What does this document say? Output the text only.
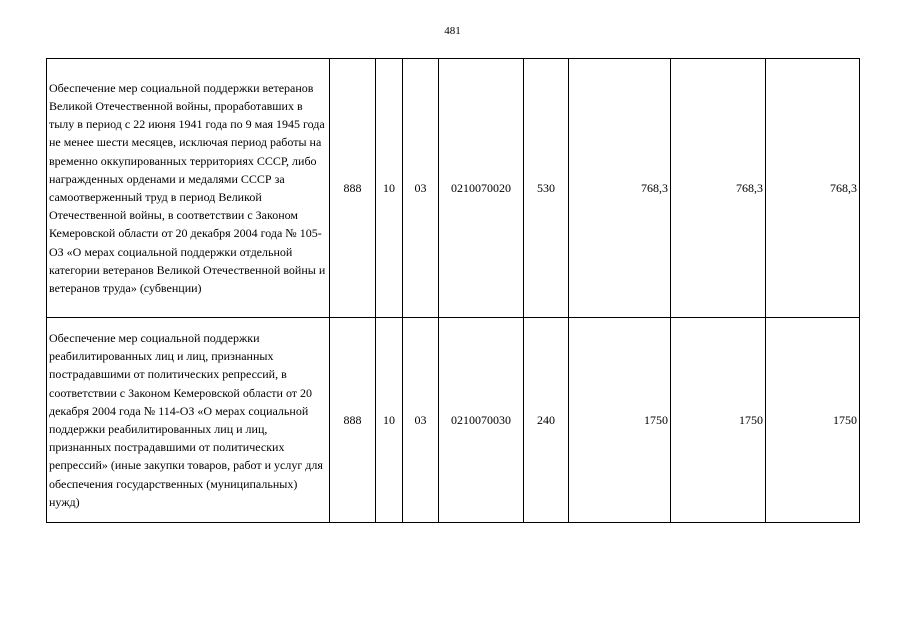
481
Обеспечение мер социальной поддержки ветеранов Великой Отечественной войны, проработавших в тылу в период с 22 июня 1941 года по 9 мая 1945 года не менее шести месяцев, исключая период работы на временно оккупированных территориях СССР, либо награжденных орденами и медалями СССР за самоотверженный труд в период Великой Отечественной войны, в соответствии с Законом Кемеровской области от 20 декабря 2004 года № 105-ОЗ «О мерах социальной поддержки отдельной категории ветеранов Великой Отечественной войны и ветеранов труда» (субвенции)	888	10	03	0210070020	530	768,3	768,3	768,3

Обеспечение мер социальной поддержки реабилитированных лиц и лиц, признанных пострадавшими от политических репрессий, в соответствии с Законом Кемеровской области от 20 декабря 2004 года № 114-ОЗ «О мерах социальной поддержки реабилитированных лиц и лиц, признанных пострадавшими от политических репрессий» (иные закупки товаров, работ и услуг для обеспечения государственных (муниципальных) нужд)	888	10	03	0210070030	240	1750	1750	1750
